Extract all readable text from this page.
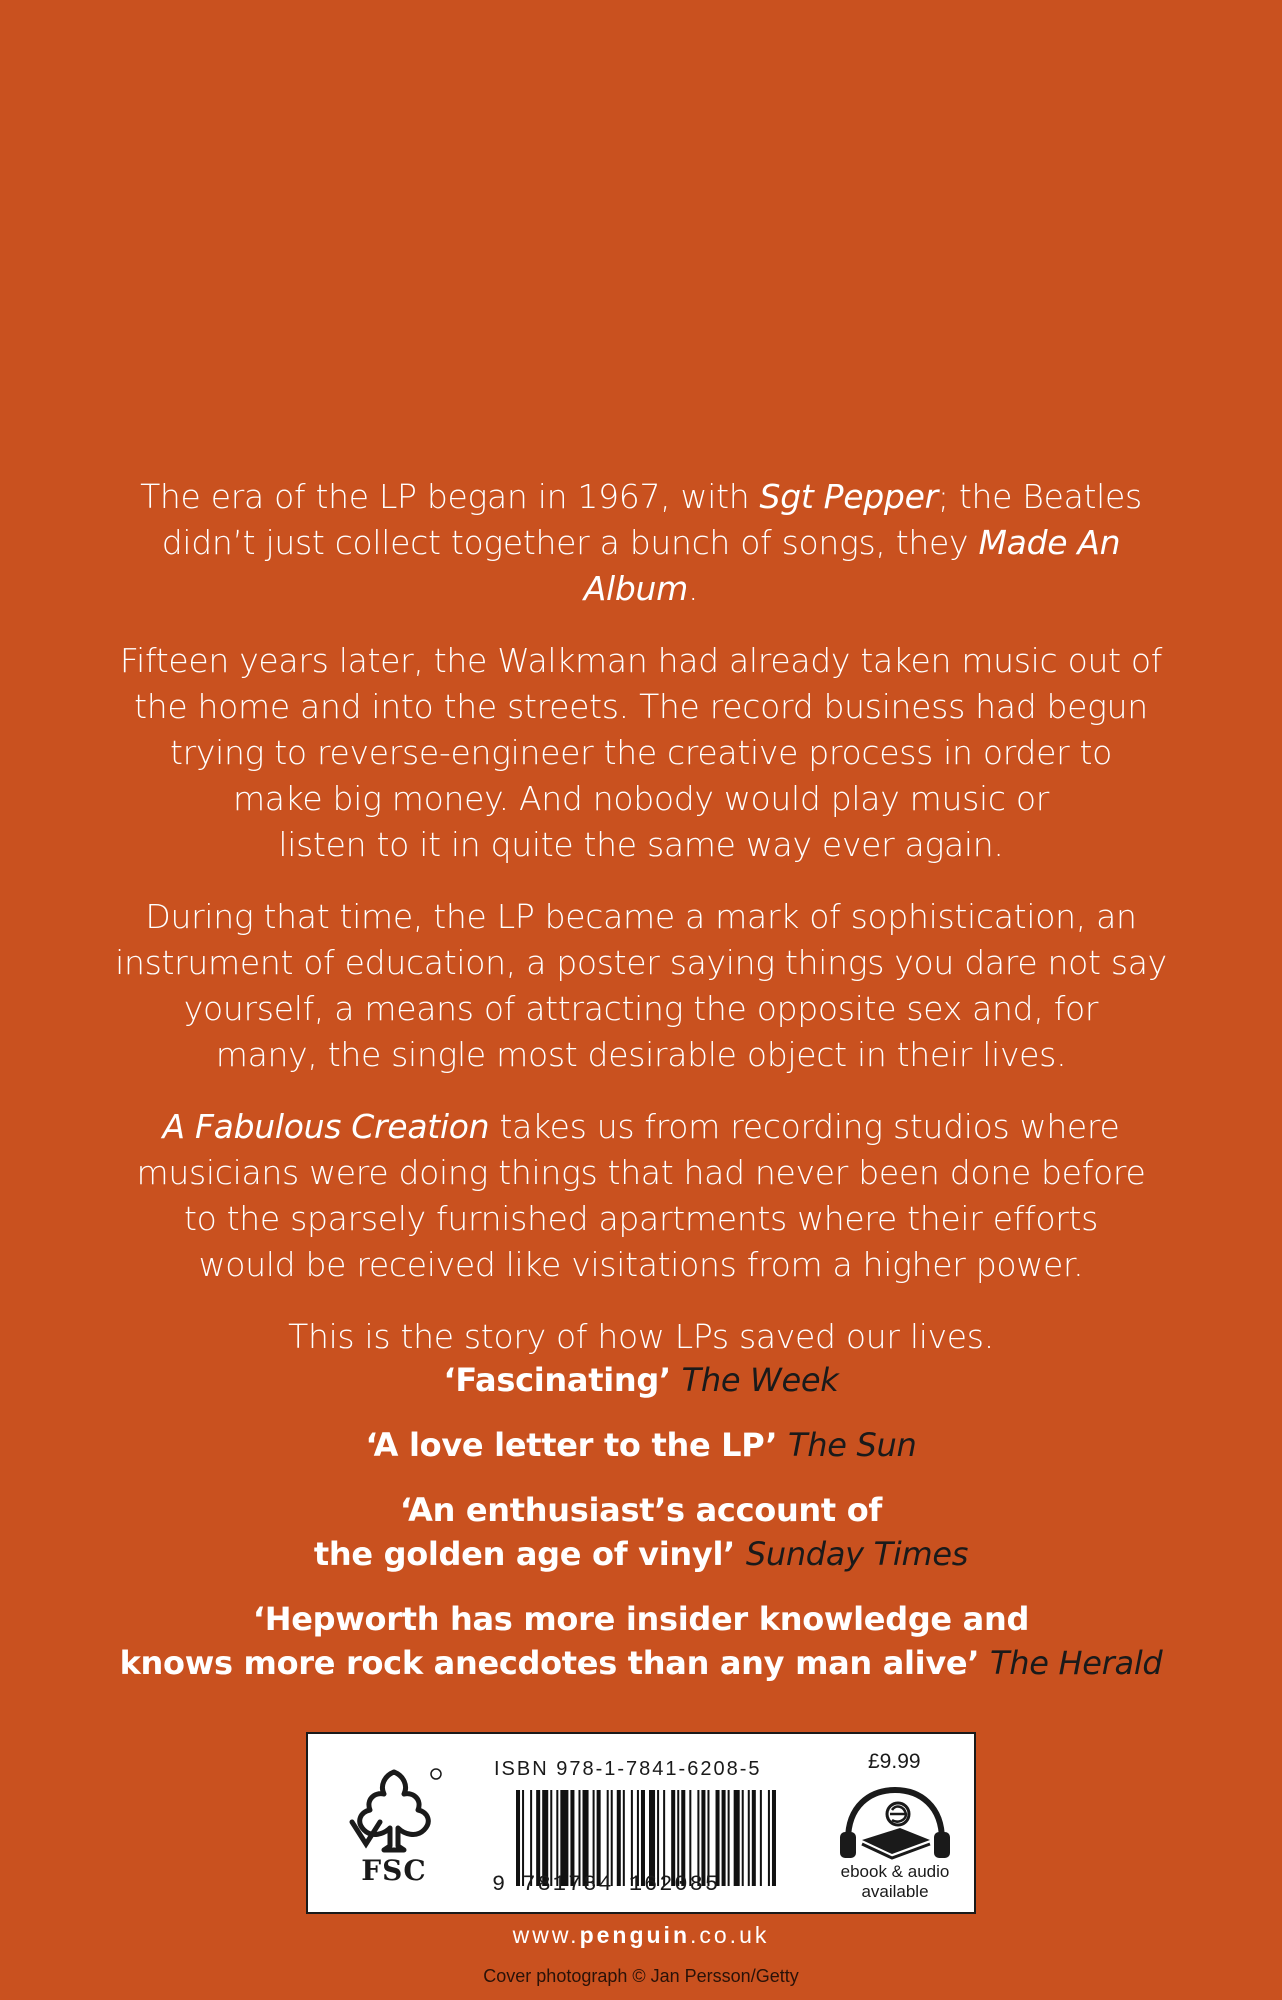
The era of the LP began in 1967, with Sgt Pepper; the Beatles
didn’t just collect together a bunch of songs, they Made An Album.

Fifteen years later, the Walkman had already taken music out of
the home and into the streets. The record business had begun
trying to reverse-engineer the creative process in order to
make big money. And nobody would play music or
listen to it in quite the same way ever again.

During that time, the LP became a mark of sophistication, an
instrument of education, a poster saying things you dare not say
yourself, a means of attracting the opposite sex and, for
many, the single most desirable object in their lives.

A Fabulous Creation takes us from recording studios where
musicians were doing things that had never been done before
to the sparsely furnished apartments where their efforts
would be received like visitations from a higher power.

This is the story of how LPs saved our lives.

‘Fascinating’ The Week

‘A love letter to the LP’ The Sun

‘An enthusiast’s account of
the golden age of vinyl’ Sunday Times

‘Hepworth has more insider knowledge and
knows more rock anecdotes than any man alive’ The Herald

FSC
ISBN 978-1-7841-6208-5
9 781784 162085
£9.99
ebook & audio
available
www.penguin.co.uk
Cover photograph © Jan Persson/Getty
